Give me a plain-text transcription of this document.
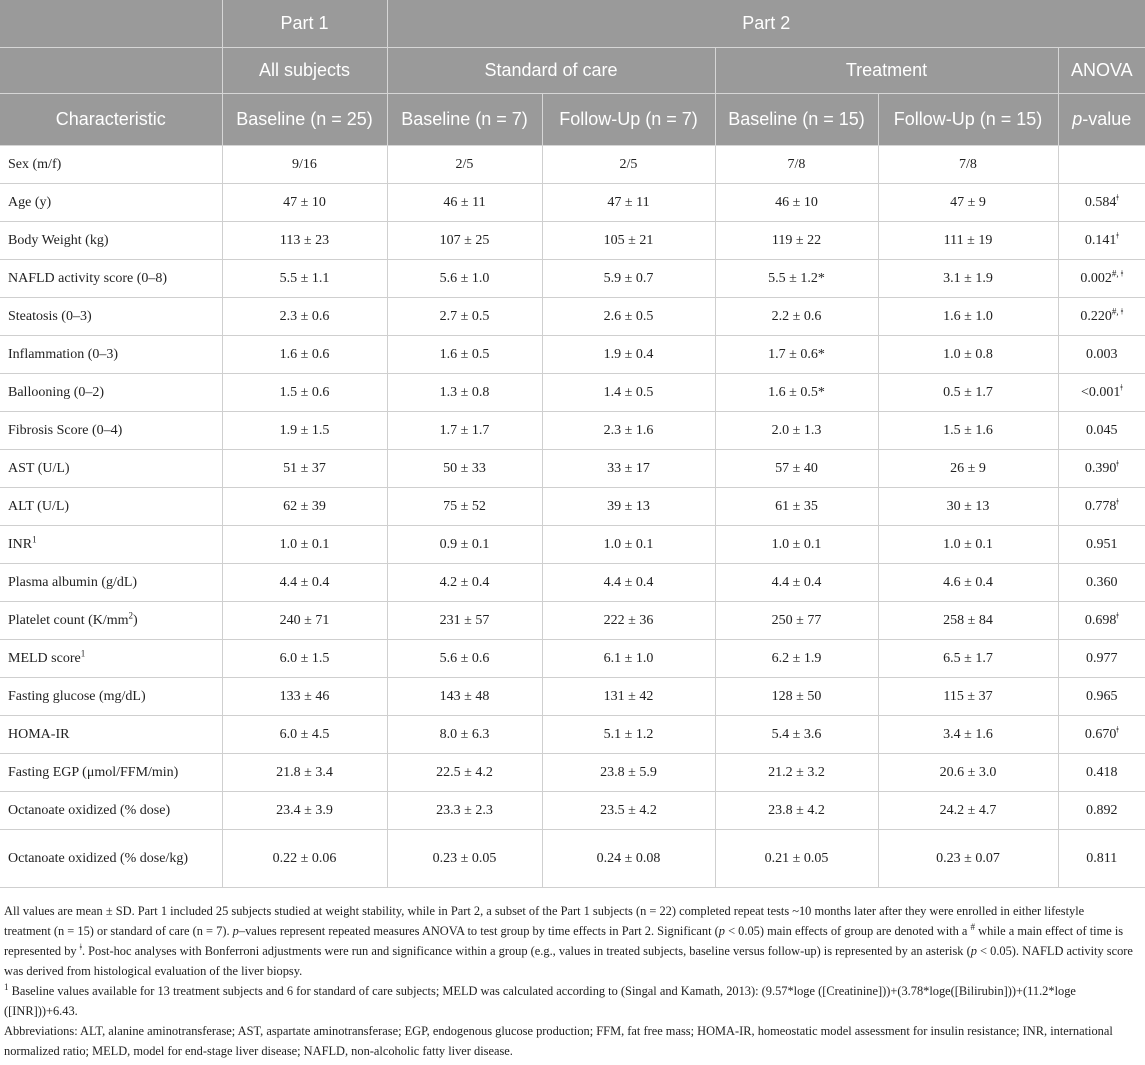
	Part 1	Part 2				
	All subjects	Standard of care		Treatment		ANOVA
Characteristic	Baseline (n = 25)	Baseline (n = 7)	Follow-Up (n = 7)	Baseline (n = 15)	Follow-Up (n = 15)	p-value
Sex (m/f)	9/16	2/5	2/5	7/8	7/8	
Age (y)	47 ± 10	46 ± 11	47 ± 11	46 ± 10	47 ± 9	$0.584^ǂ$
Body Weight (kg)	113 ± 23	107 ± 25	105 ± 21	119 ± 22	111 ± 19	$0.141^ǂ$
NAFLD activity score (0–8)	5.5 ± 1.1	5.6 ± 1.0	5.9 ± 0.7	5.5 ± 1.2*	3.1 ± 1.9	$0.002^{\#, ǂ}$
Steatosis (0–3)	2.3 ± 0.6	2.7 ± 0.5	2.6 ± 0.5	2.2 ± 0.6	1.6 ± 1.0	$0.220^{\#, ǂ}$
Inflammation (0–3)	1.6 ± 0.6	1.6 ± 0.5	1.9 ± 0.4	1.7 ± 0.6*	1.0 ± 0.8	0.003
Ballooning (0–2)	1.5 ± 0.6	1.3 ± 0.8	1.4 ± 0.5	1.6 ± 0.5*	0.5 ± 1.7	$<0.001^ǂ$
Fibrosis Score (0–4)	1.9 ± 1.5	1.7 ± 1.7	2.3 ± 1.6	2.0 ± 1.3	1.5 ± 1.6	0.045
AST (U/L)	51 ± 37	50 ± 33	33 ± 17	57 ± 40	26 ± 9	$0.390^ǂ$
ALT (U/L)	62 ± 39	75 ± 52	39 ± 13	61 ± 35	30 ± 13	$0.778^ǂ$
INR$^1$	1.0 ± 0.1	0.9 ± 0.1	1.0 ± 0.1	1.0 ± 0.1	1.0 ± 0.1	0.951
Plasma albumin (g/dL)	4.4 ± 0.4	4.2 ± 0.4	4.4 ± 0.4	4.4 ± 0.4	4.6 ± 0.4	0.360
Platelet count $(K/mm^2)$	240 ± 71	231 ± 57	222 ± 36	250 ± 77	258 ± 84	$0.698^ǂ$
MELD score$^1$	6.0 ± 1.5	5.6 ± 0.6	6.1 ± 1.0	6.2 ± 1.9	6.5 ± 1.7	0.977
Fasting glucose (mg/dL)	133 ± 46	143 ± 48	131 ± 42	128 ± 50	115 ± 37	0.965
HOMA-IR	6.0 ± 4.5	8.0 ± 6.3	5.1 ± 1.2	5.4 ± 3.6	3.4 ± 1.6	$0.670^ǂ$
Fasting EGP (μmol/FFM/min)	21.8 ± 3.4	22.5 ± 4.2	23.8 ± 5.9	21.2 ± 3.2	20.6 ± 3.0	0.418
Octanoate oxidized (% dose)	23.4 ± 3.9	23.3 ± 2.3	23.5 ± 4.2	23.8 ± 4.2	24.2 ± 4.7	0.892
Octanoate oxidized (% dose/kg)	0.22 ± 0.06	0.23 ± 0.05	0.24 ± 0.08	0.21 ± 0.05	0.23 ± 0.07	0.811

All values are mean ± SD. Part 1 included 25 subjects studied at weight stability, while in Part 2, a subset of the Part 1 subjects (n = 22) completed repeat tests ~10 months later after they were enrolled in either lifestyle treatment (n = 15) or standard of care (n = 7). p–values represent repeated measures ANOVA to test group by time effects in Part 2. Significant (p < 0.05) main effects of group are denoted with a # while a main effect of time is represented by $^ǂ$. Post-hoc analyses with Bonferroni adjustments were run and significance within a group (e.g., values in treated subjects, baseline versus follow-up) is represented by an asterisk (p < 0.05). NAFLD activity score was derived from histological evaluation of the liver biopsy.

$^1$ Baseline values available for 13 treatment subjects and 6 for standard of care subjects; MELD was calculated according to (Singal and Kamath, 2013): (9.57*loge ([Creatinine]))+(3.78*loge([Bilirubin]))+(11.2*loge ([INR]))+6.43.

Abbreviations: ALT, alanine aminotransferase; AST, aspartate aminotransferase; EGP, endogenous glucose production; FFM, fat free mass; HOMA-IR, homeostatic model assessment for insulin resistance; INR, international normalized ratio; MELD, model for end-stage liver disease; NAFLD, non-alcoholic fatty liver disease.
